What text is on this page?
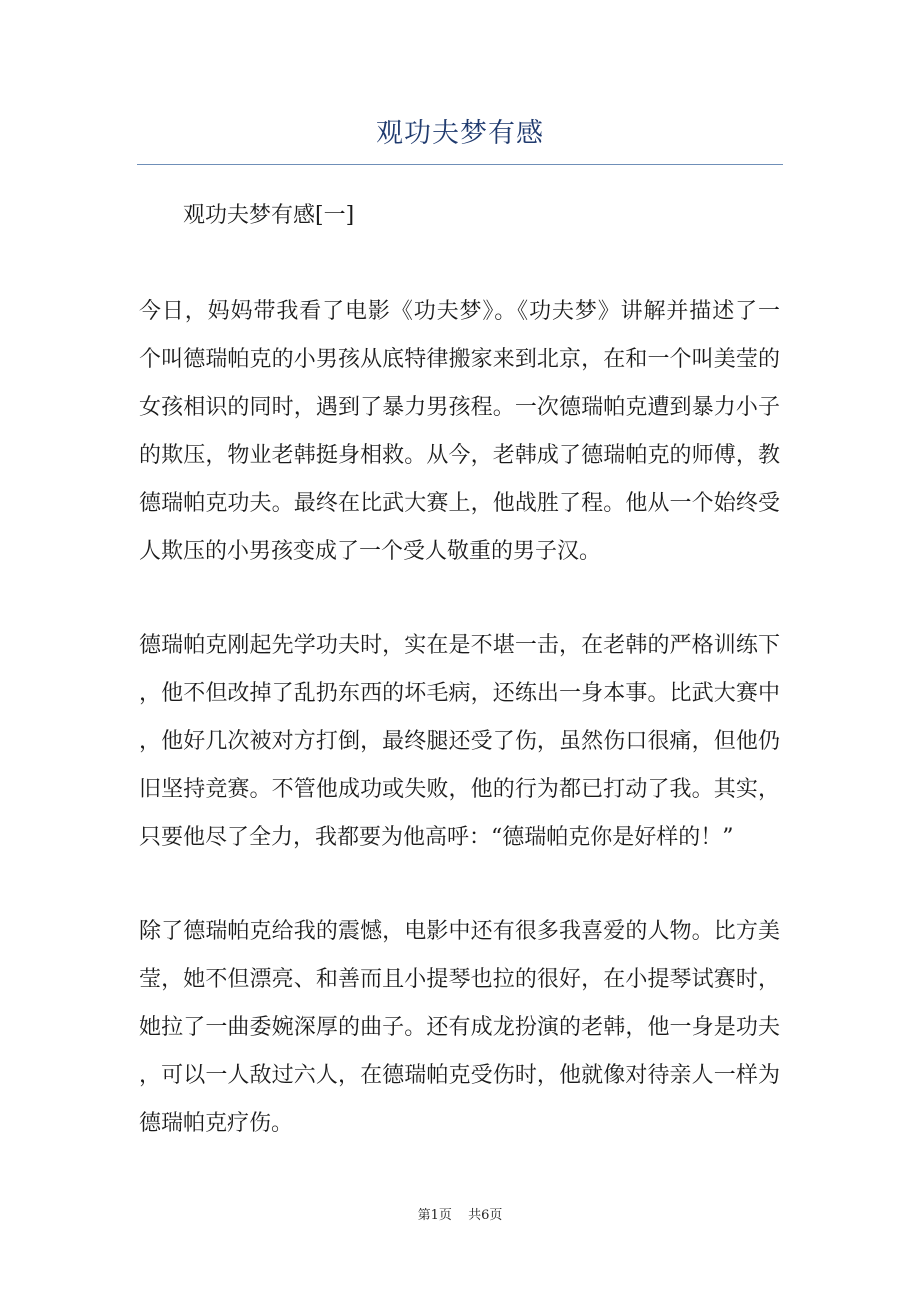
观功夫梦有感

观功夫梦有感[一]

今日，妈妈带我看了电影《功夫梦》。《功夫梦》讲解并描述了一
个叫德瑞帕克的小男孩从底特律搬家来到北京，在和一个叫美莹的
女孩相识的同时，遇到了暴力男孩程。一次德瑞帕克遭到暴力小子
的欺压，物业老韩挺身相救。从今，老韩成了德瑞帕克的师傅，教
德瑞帕克功夫。最终在比武大赛上，他战胜了程。他从一个始终受
人欺压的小男孩变成了一个受人敬重的男子汉。
德瑞帕克刚起先学功夫时，实在是不堪一击，在老韩的严格训练下
，他不但改掉了乱扔东西的坏毛病，还练出一身本事。比武大赛中
，他好几次被对方打倒，最终腿还受了伤，虽然伤口很痛，但他仍
旧坚持竞赛。不管他成功或失败，他的行为都已打动了我。其实，
只要他尽了全力，我都要为他高呼：“德瑞帕克你是好样的！”
除了德瑞帕克给我的震憾，电影中还有很多我喜爱的人物。比方美
莹，她不但漂亮、和善而且小提琴也拉的很好，在小提琴试赛时，
她拉了一曲委婉深厚的曲子。还有成龙扮演的老韩，他一身是功夫
，可以一人敌过六人，在德瑞帕克受伤时，他就像对待亲人一样为
德瑞帕克疗伤。
第1页 共6页
